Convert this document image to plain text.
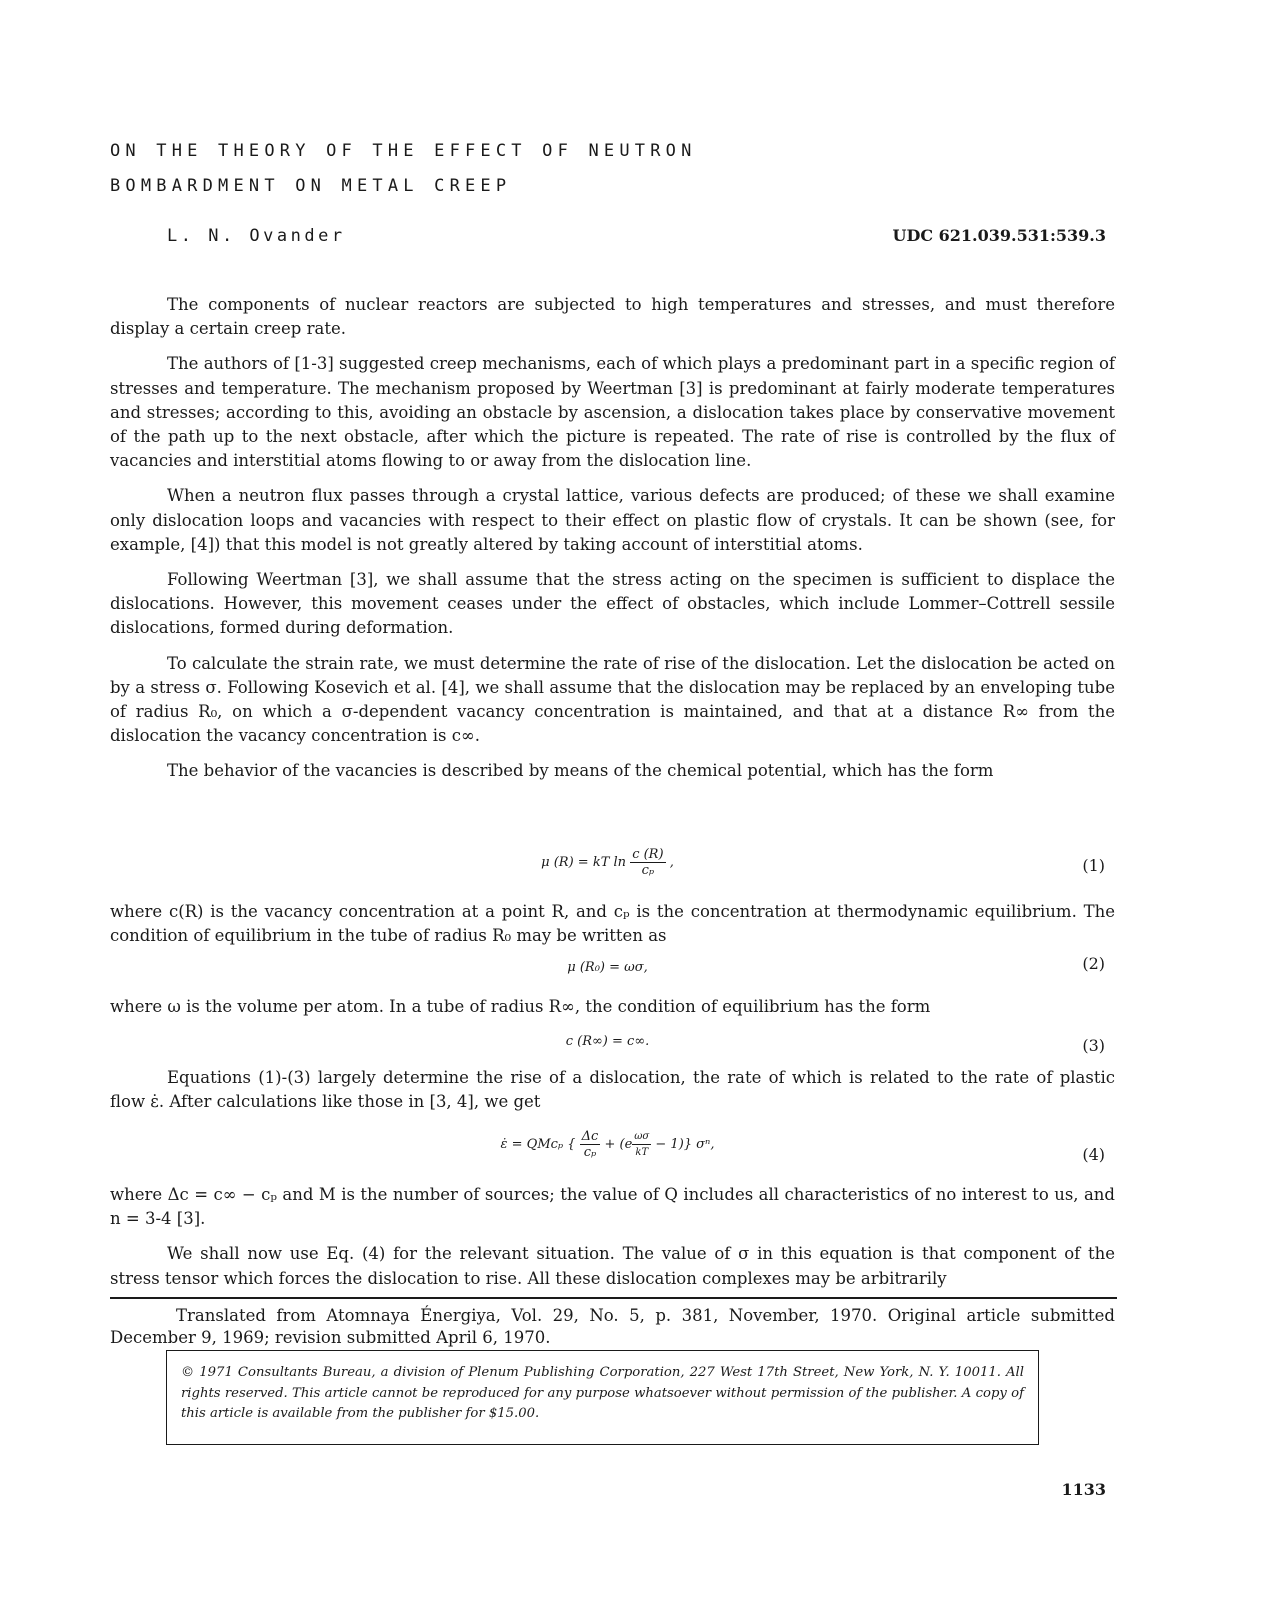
ON THE THEORY OF THE EFFECT OF NEUTRON
BOMBARDMENT ON METAL CREEP
L. N. Ovander	UDC 621.039.531:539.3

The components of nuclear reactors are subjected to high temperatures and stresses, and must therefore display a certain creep rate.

The authors of [1-3] suggested creep mechanisms, each of which plays a predominant part in a specific region of stresses and temperature. The mechanism proposed by Weertman [3] is predominant at fairly moderate temperatures and stresses; according to this, avoiding an obstacle by ascension, a dislocation takes place by conservative movement of the path up to the next obstacle, after which the picture is repeated. The rate of rise is controlled by the flux of vacancies and interstitial atoms flowing to or away from the dislocation line.

When a neutron flux passes through a crystal lattice, various defects are produced; of these we shall examine only dislocation loops and vacancies with respect to their effect on plastic flow of crystals. It can be shown (see, for example, [4]) that this model is not greatly altered by taking account of interstitial atoms.

Following Weertman [3], we shall assume that the stress acting on the specimen is sufficient to displace the dislocations. However, this movement ceases under the effect of obstacles, which include Lommer–Cottrell sessile dislocations, formed during deformation.

To calculate the strain rate, we must determine the rate of rise of the dislocation. Let the dislocation be acted on by a stress σ. Following Kosevich et al. [4], we shall assume that the dislocation may be replaced by an enveloping tube of radius R₀, on which a σ-dependent vacancy concentration is maintained, and that at a distance R∞ from the dislocation the vacancy concentration is c∞.

The behavior of the vacancies is described by means of the chemical potential, which has the form

μ (R) = kT $\ln \frac{c (R)}{\text{cₚ}}$ ,	(1)

where c(R) is the vacancy concentration at a point R, and cₚ is the concentration at thermodynamic equilibrium. The condition of equilibrium in the tube of radius R₀ may be written as

μ (R₀) = ωσ,	(2)

where ω is the volume per atom. In a tube of radius R∞, the condition of equilibrium has the form

c (R∞) = c∞.	(3)

Equations (1)-(3) largely determine the rise of a dislocation, the rate of which is related to the rate of plastic flow ε̇. After calculations like those in [3, 4], we get

ε̇ = QMcₚ { $\frac{\Delta c}{\text{cₚ}} + (e \frac{\omega\sigma}{kT} - 1)$} σⁿ,
(4)

where Δc = c∞ − cₚ and M is the number of sources; the value of Q includes all characteristics of no interest to us, and n = 3-4 [3].

We shall now use Eq. (4) for the relevant situation. The value of σ in this equation is that component of the stress tensor which forces the dislocation to rise. All these dislocation complexes may be arbitrarily

Translated from Atomnaya Énergiya, Vol. 29, No. 5, p. 381, November, 1970. Original article submitted December 9, 1969; revision submitted April 6, 1970.

© 1971 Consultants Bureau, a division of Plenum Publishing Corporation, 227 West 17th Street, New York, N. Y. 10011. All rights reserved. This article cannot be reproduced for any purpose whatsoever without permission of the publisher. A copy of this article is available from the publisher for $15.00.

1133
